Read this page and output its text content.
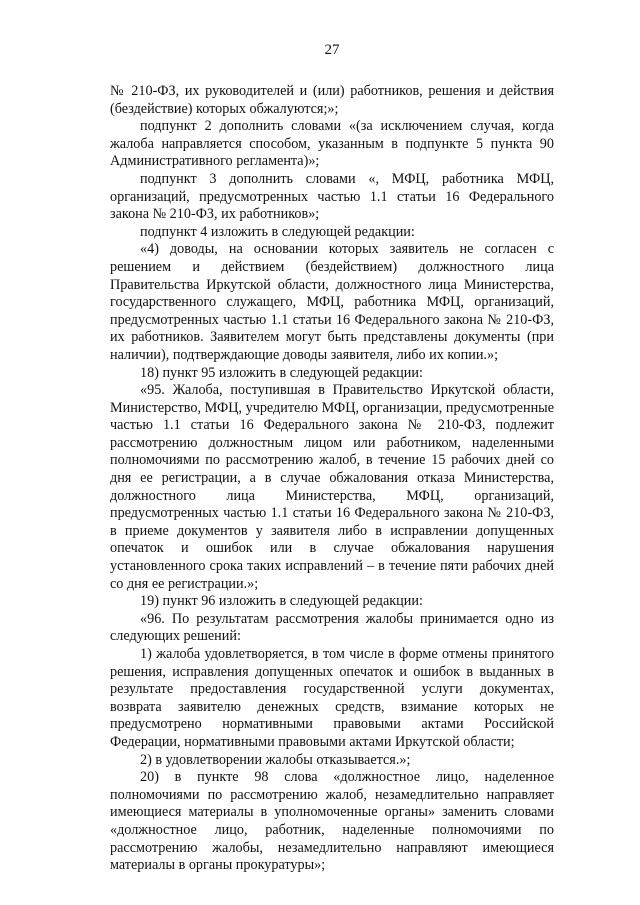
27

№ 210-ФЗ, их руководителей и (или) работников, решения и действия (бездействие) которых обжалуются;»;

подпункт 2 дополнить словами «(за исключением случая, когда жалоба направляется способом, указанным в подпункте 5 пункта 90 Административного регламента)»;

подпункт 3 дополнить словами «, МФЦ, работника МФЦ, организаций, предусмотренных частью 1.1 статьи 16 Федерального закона № 210-ФЗ, их работников»;

подпункт 4 изложить в следующей редакции:

«4) доводы, на основании которых заявитель не согласен с решением и действием (бездействием) должностного лица Правительства Иркутской области, должностного лица Министерства, государственного служащего, МФЦ, работника МФЦ, организаций, предусмотренных частью 1.1 статьи 16 Федерального закона № 210-ФЗ, их работников. Заявителем могут быть представлены документы (при наличии), подтверждающие доводы заявителя, либо их копии.»;

18) пункт 95 изложить в следующей редакции:

«95. Жалоба, поступившая в Правительство Иркутской области, Министерство, МФЦ, учредителю МФЦ, организации, предусмотренные частью 1.1 статьи 16 Федерального закона № 210-ФЗ, подлежит рассмотрению должностным лицом или работником, наделенными полномочиями по рассмотрению жалоб, в течение 15 рабочих дней со дня ее регистрации, а в случае обжалования отказа Министерства, должностного лица Министерства, МФЦ, организаций, предусмотренных частью 1.1 статьи 16 Федерального закона № 210-ФЗ, в приеме документов у заявителя либо в исправлении допущенных опечаток и ошибок или в случае обжалования нарушения установленного срока таких исправлений – в течение пяти рабочих дней со дня ее регистрации.»;

19) пункт 96 изложить в следующей редакции:

«96. По результатам рассмотрения жалобы принимается одно из следующих решений:

1) жалоба удовлетворяется, в том числе в форме отмены принятого решения, исправления допущенных опечаток и ошибок в выданных в результате предоставления государственной услуги документах, возврата заявителю денежных средств, взимание которых не предусмотрено нормативными правовыми актами Российской Федерации, нормативными правовыми актами Иркутской области;

2) в удовлетворении жалобы отказывается.»;

20) в пункте 98 слова «должностное лицо, наделенное полномочиями по рассмотрению жалоб, незамедлительно направляет имеющиеся материалы в уполномоченные органы» заменить словами «должностное лицо, работник, наделенные полномочиями по рассмотрению жалобы, незамедлительно направляют имеющиеся материалы в органы прокуратуры»;
